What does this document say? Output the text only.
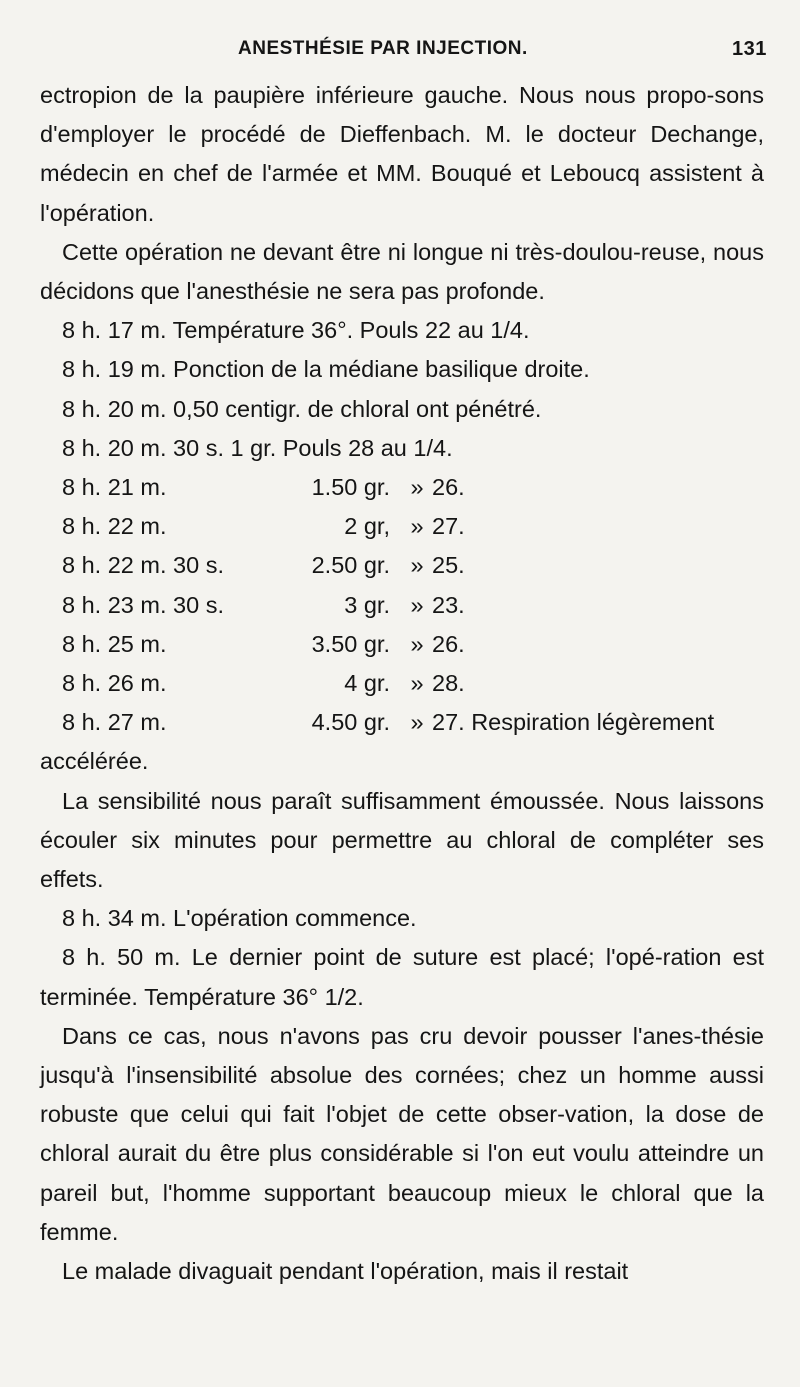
ANESTHÉSIE PAR INJECTION.	131

ectropion de la paupière inférieure gauche. Nous nous propo-sons d'employer le procédé de Dieffenbach. M. le docteur Dechange, médecin en chef de l'armée et MM. Bouqué et Leboucq assistent à l'opération.

Cette opération ne devant être ni longue ni très-doulou-reuse, nous décidons que l'anesthésie ne sera pas profonde.

8 h. 17 m. Température 36°. Pouls 22 au 1/4.

8 h. 19 m. Ponction de la médiane basilique droite.

8 h. 20 m. 0,50 centigr. de chloral ont pénétré.

8 h. 20 m. 30 s. 1 gr. Pouls 28 au 1/4.

8 h. 21 m.	1.50 gr. » 26.
8 h. 22 m.	2 gr, » 27.
8 h. 22 m. 30 s.	2.50 gr. » 25.
8 h. 23 m. 30 s.	3 gr. » 23.
8 h. 25 m.	3.50 gr. » 26.
8 h. 26 m.	4 gr. » 28.
8 h. 27 m.	4.50 gr. » 27. Respiration légèrement

accélérée.

La sensibilité nous paraît suffisamment émoussée. Nous laissons écouler six minutes pour permettre au chloral de compléter ses effets.

8 h. 34 m. L'opération commence.

8 h. 50 m. Le dernier point de suture est placé; l'opé-ration est terminée. Température 36° 1/2.

Dans ce cas, nous n'avons pas cru devoir pousser l'anes-thésie jusqu'à l'insensibilité absolue des cornées; chez un homme aussi robuste que celui qui fait l'objet de cette obser-vation, la dose de chloral aurait du être plus considérable si l'on eut voulu atteindre un pareil but, l'homme supportant beaucoup mieux le chloral que la femme.

Le malade divaguait pendant l'opération, mais il restait
